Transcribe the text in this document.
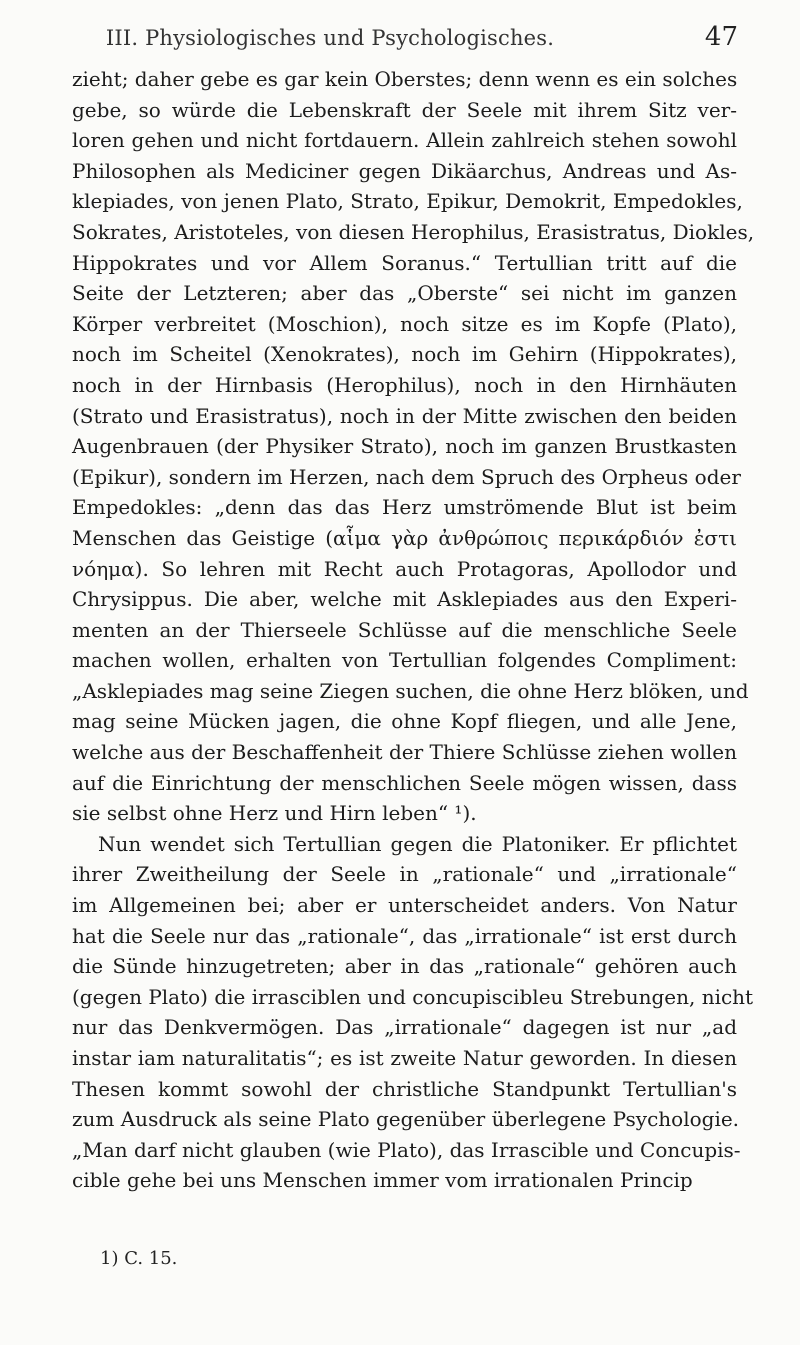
III. Physiologisches und Psychologisches.	47

zieht; daher gebe es gar kein Oberstes; denn wenn es ein solches
gebe, so würde die Lebenskraft der Seele mit ihrem Sitz ver-
loren gehen und nicht fortdauern. Allein zahlreich stehen sowohl
Philosophen als Mediciner gegen Dikäarchus, Andreas und As-
klepiades, von jenen Plato, Strato, Epikur, Demokrit, Empedokles,
Sokrates, Aristoteles, von diesen Herophilus, Erasistratus, Diokles,
Hippokrates und vor Allem Soranus.“ Tertullian tritt auf die
Seite der Letzteren; aber das „Oberste“ sei nicht im ganzen
Körper verbreitet (Moschion), noch sitze es im Kopfe (Plato),
noch im Scheitel (Xenokrates), noch im Gehirn (Hippokrates),
noch in der Hirnbasis (Herophilus), noch in den Hirnhäuten
(Strato und Erasistratus), noch in der Mitte zwischen den beiden
Augenbrauen (der Physiker Strato), noch im ganzen Brustkasten
(Epikur), sondern im Herzen, nach dem Spruch des Orpheus oder
Empedokles: „denn das das Herz umströmende Blut ist beim
Menschen das Geistige (αἷμα γὰρ ἀνθρώποις περικάρδιόν ἐστι
νόημα). So lehren mit Recht auch Protagoras, Apollodor und
Chrysippus. Die aber, welche mit Asklepiades aus den Experi-
menten an der Thierseele Schlüsse auf die menschliche Seele
machen wollen, erhalten von Tertullian folgendes Compliment:
„Asklepiades mag seine Ziegen suchen, die ohne Herz blöken, und
mag seine Mücken jagen, die ohne Kopf fliegen, und alle Jene,
welche aus der Beschaffenheit der Thiere Schlüsse ziehen wollen
auf die Einrichtung der menschlichen Seele mögen wissen, dass
sie selbst ohne Herz und Hirn leben“ ¹).

Nun wendet sich Tertullian gegen die Platoniker. Er pflichtet
ihrer Zweitheilung der Seele in „rationale“ und „irrationale“
im Allgemeinen bei; aber er unterscheidet anders. Von Natur
hat die Seele nur das „rationale“, das „irrationale“ ist erst durch
die Sünde hinzugetreten; aber in das „rationale“ gehören auch
(gegen Plato) die irrasciblen und concupiscibleu Strebungen, nicht
nur das Denkvermögen. Das „irrationale“ dagegen ist nur „ad
instar iam naturalitatis“; es ist zweite Natur geworden. In diesen
Thesen kommt sowohl der christliche Standpunkt Tertullian's
zum Ausdruck als seine Plato gegenüber überlegene Psychologie.
„Man darf nicht glauben (wie Plato), das Irrascible und Concupis-
cible gehe bei uns Menschen immer vom irrationalen Princip

1) C. 15.
